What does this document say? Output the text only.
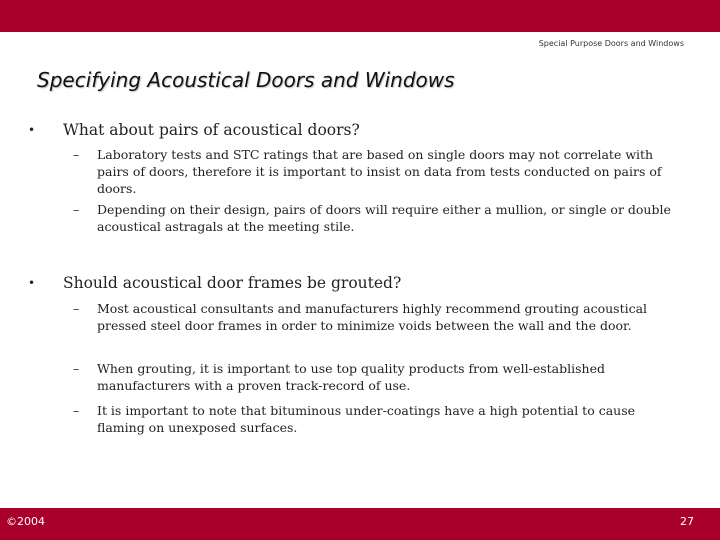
Special Purpose Doors and Windows
Specifying Acoustical Doors and Windows
• What about pairs of acoustical doors?
– Laboratory tests and STC ratings that are based on single doors may not correlate with pairs of doors, therefore it is important to insist on data from tests conducted on pairs of doors.
– Depending on their design, pairs of doors will require either a mullion, or single or double acoustical astragals at the meeting stile.
• Should acoustical door frames be grouted?
– Most acoustical consultants and manufacturers highly recommend grouting acoustical pressed steel door frames in order to minimize voids between the wall and the door.
– When grouting, it is important to use top quality products from well-established manufacturers with a proven track-record of use.
– It is important to note that bituminous under-coatings have a high potential to cause flaming on unexposed surfaces.
©2004	27
